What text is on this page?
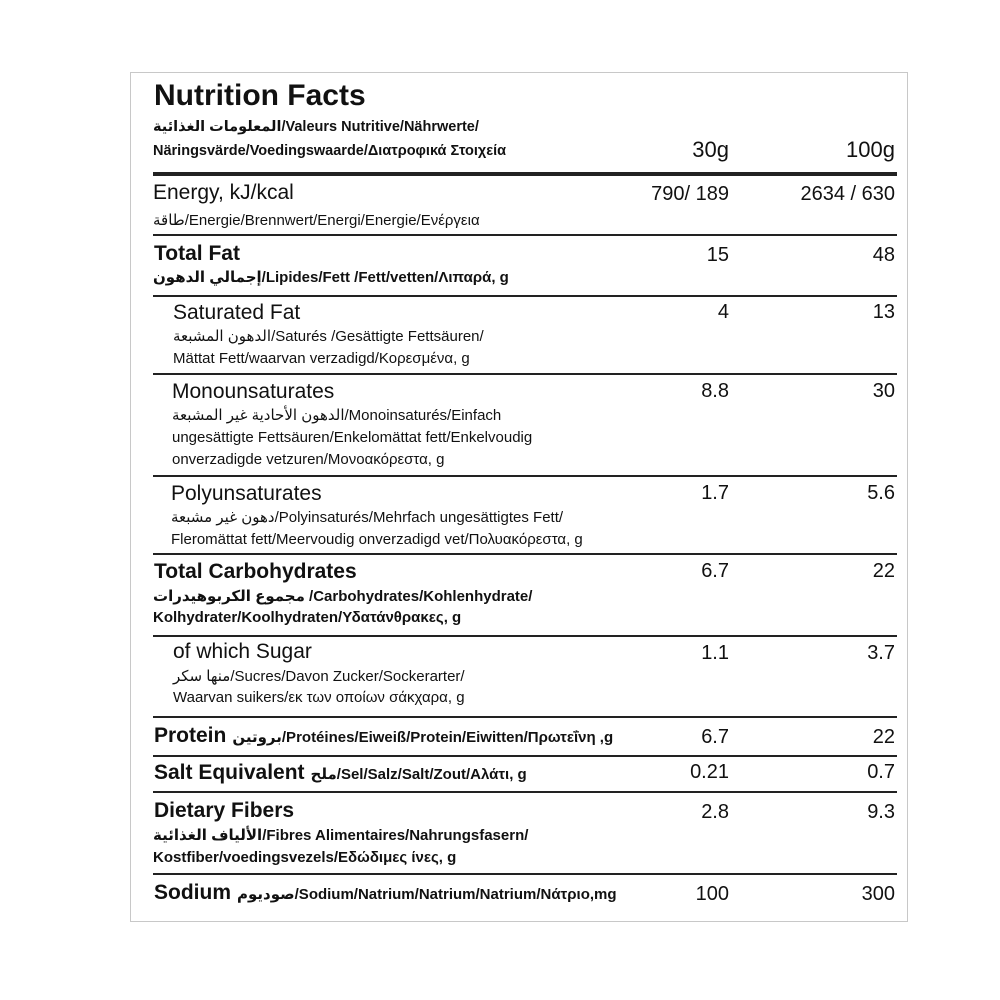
Nutrition Facts
المعلومات الغذائية/Valeurs Nutritive/Nährwerte/
Näringsvärde/Voedingswaarde/Διατροφικά Στοιχεία	30g	100g
Energy, kJ/kcal
طاقة/Energie/Brennwert/Energi/Energie/Ενέργεια
790/ 189	2634 / 630
Total Fat
إجمالي الدهون/Lipides/Fett /Fett/vetten/Λιπαρά, g
15	48
Saturated Fat
الدهون المشبعة/Saturés /Gesättigte Fettsäuren/
Mättat Fett/waarvan verzadigd/Κορεσμένα, g
4	13
Monounsaturates
الدهون الأحادية غير المشبعة/Monoinsaturés/Einfach
ungesättigte Fettsäuren/Enkelomättat fett/Enkelvoudig
onverzadigde vetzuren/Μονοακόρεστα, g
8.8	30
Polyunsaturates
دهون غير مشبعة/Polyinsaturés/Mehrfach ungesättigtes Fett/
Fleromättat fett/Meervoudig onverzadigd vet/Πολυακόρεστα, g
1.7	5.6
Total Carbohydrates
مجموع الكربوهيدرات /Carbohydrates/Kohlenhydrate/
Kolhydrater/Koolhydraten/Υδατάνθρακες, g
6.7	22
of which Sugar
منها سكر/Sucres/Davon Zucker/Sockerarter/
Waarvan suikers/εκ των οποίων σάκχαρα, g
1.1	3.7
Protein بروتين/Protéines/Eiweiß/Protein/Eiwitten/Πρωτεΐνη ,g	6.7	22
Salt Equivalent ملح/Sel/Salz/Salt/Zout/Αλάτι, g	0.21	0.7
Dietary Fibers
الألياف الغذائية/Fibres Alimentaires/Nahrungsfasern/
Kostfiber/voedingsvezels/Εδώδιμες ίνες, g
2.8	9.3
Sodium صوديوم/Sodium/Natrium/Natrium/Natrium/Νάτριο,mg	100	300
